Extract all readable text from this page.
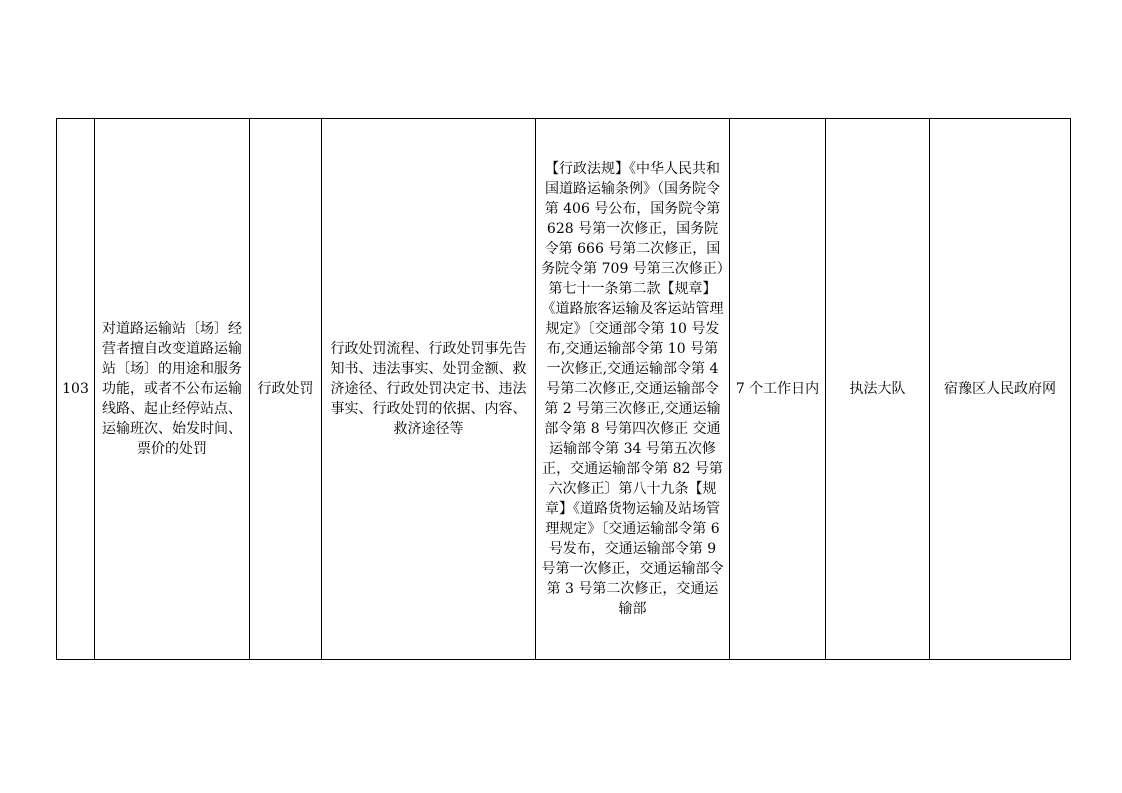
103	对道路运输站〔场〕经营者擅自改变道路运输站〔场〕的用途和服务功能，或者不公布运输线路、起止经停站点、运输班次、始发时间、票价的处罚	行政处罚	行政处罚流程、行政处罚事先告知书、违法事实、处罚金额、救济途径、行政处罚决定书、违法事实、行政处罚的依据、内容、救济途径等	【行政法规】《中华人民共和国道路运输条例》（国务院令第 406 号公布，国务院令第 628 号第一次修正，国务院令第 666 号第二次修正，国务院令第 709 号第三次修正）第七十一条第二款【规章】《道路旅客运输及客运站管理规定》〔交通部令第 10 号发布,交通运输部令第 10 号第一次修正,交通运输部令第 4 号第二次修正,交通运输部令第 2 号第三次修正,交通运输部令第 8 号第四次修正 交通运输部令第 34 号第五次修正，交通运输部令第 82 号第六次修正〕第八十九条【规章】《道路货物运输及站场管理规定》〔交通运输部令第 6 号发布，交通运输部令第 9 号第一次修正，交通运输部令第 3 号第二次修正，交通运输部	7 个工作日内	执法大队	宿豫区人民政府网
